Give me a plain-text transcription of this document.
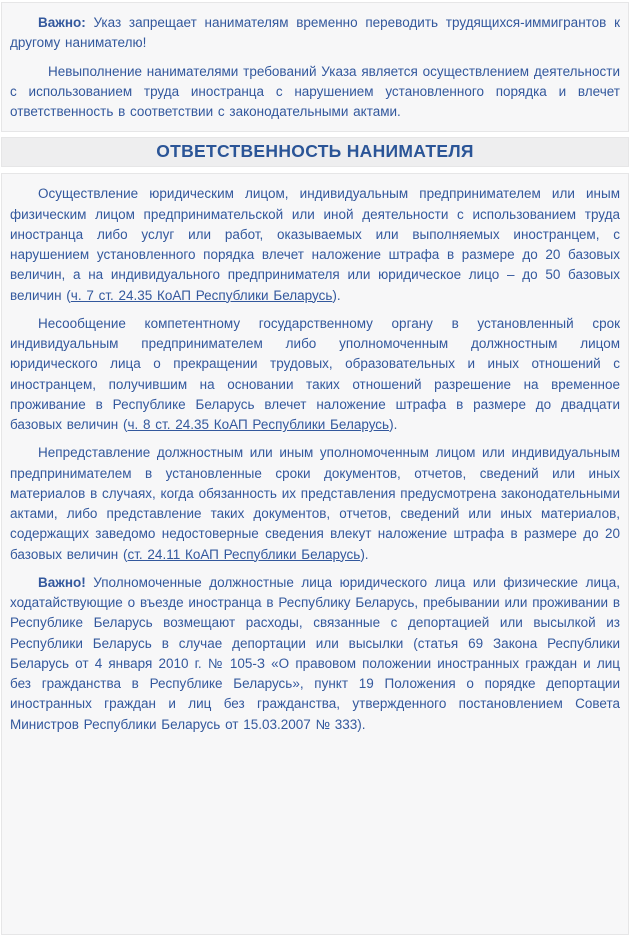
Важно: Указ запрещает нанимателям временно переводить трудящихся-иммигрантов к другому нанимателю!

Невыполнение нанимателями требований Указа является осуществлением деятельности с использованием труда иностранца с нарушением установленного порядка и влечет ответственность в соответствии с законодательными актами.

ОТВЕТСТВЕННОСТЬ НАНИМАТЕЛЯ

Осуществление юридическим лицом, индивидуальным предпринимателем или иным физическим лицом предпринимательской или иной деятельности с использованием труда иностранца либо услуг или работ, оказываемых или выполняемых иностранцем, с нарушением установленного порядка влечет наложение штрафа в размере до 20 базовых величин, а на индивидуального предпринимателя или юридическое лицо – до 50 базовых величин (ч. 7 ст. 24.35 КоАП Республики Беларусь).

Несообщение компетентному государственному органу в установленный срок индивидуальным предпринимателем либо уполномоченным должностным лицом юридического лица о прекращении трудовых, образовательных и иных отношений с иностранцем, получившим на основании таких отношений разрешение на временное проживание в Республике Беларусь влечет наложение штрафа в размере до двадцати базовых величин (ч. 8 ст. 24.35 КоАП Республики Беларусь).

Непредставление должностным или иным уполномоченным лицом или индивидуальным предпринимателем в установленные сроки документов, отчетов, сведений или иных материалов в случаях, когда обязанность их представления предусмотрена законодательными актами, либо представление таких документов, отчетов, сведений или иных материалов, содержащих заведомо недостоверные сведения влекут наложение штрафа в размере до 20 базовых величин (ст. 24.11 КоАП Республики Беларусь).

Важно! Уполномоченные должностные лица юридического лица или физические лица, ходатайствующие о въезде иностранца в Республику Беларусь, пребывании или проживании в Республике Беларусь возмещают расходы, связанные с депортацией или высылкой из Республики Беларусь в случае депортации или высылки (статья 69 Закона Республики Беларусь от 4 января 2010 г. № 105-З «О правовом положении иностранных граждан и лиц без гражданства в Республике Беларусь», пункт 19 Положения о порядке депортации иностранных граждан и лиц без гражданства, утвержденного постановлением Совета Министров Республики Беларусь от 15.03.2007 № 333).
